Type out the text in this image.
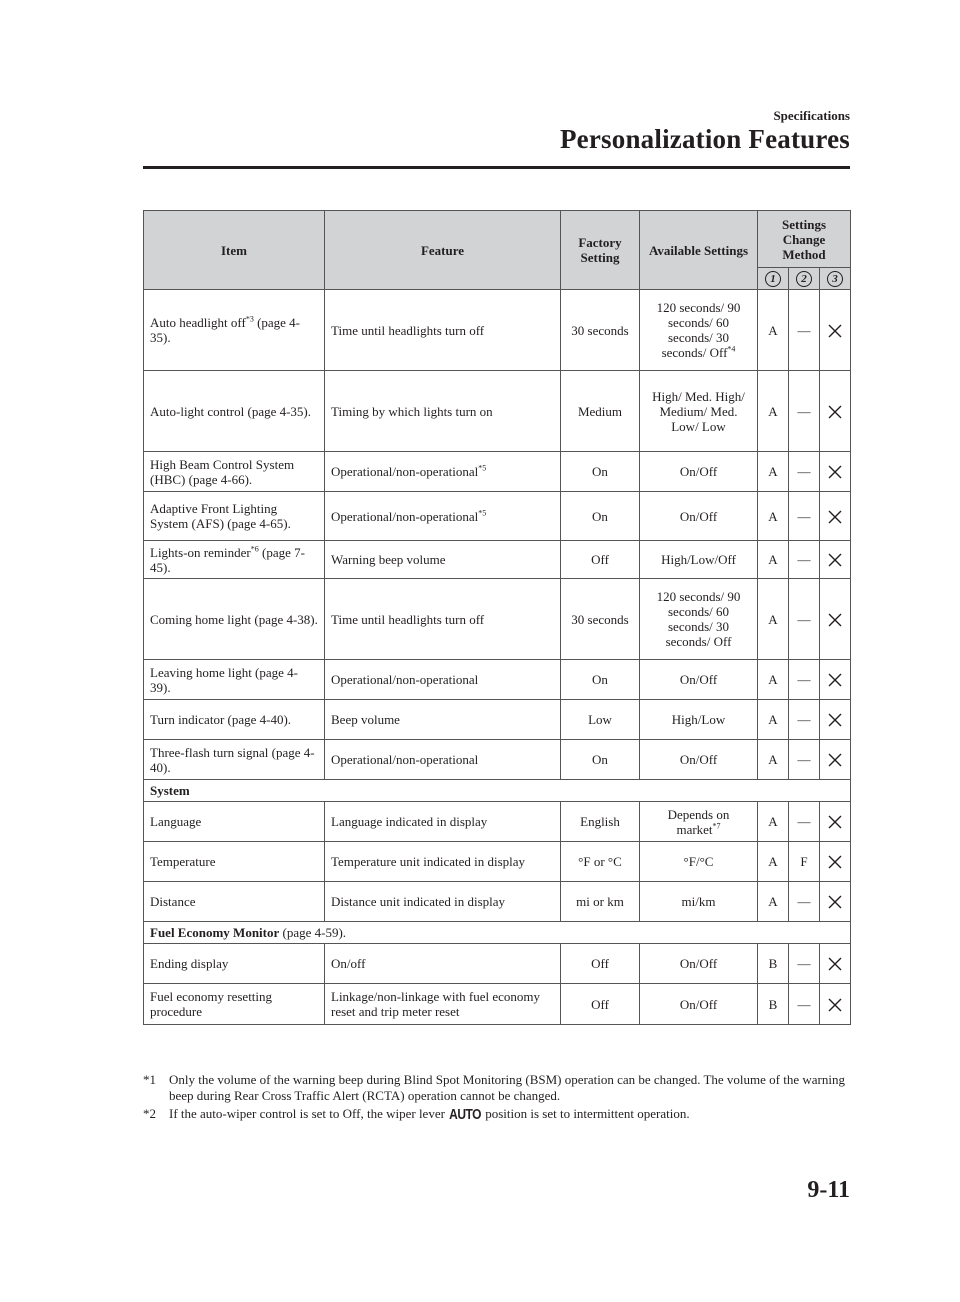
Specifications
Personalization Features
Item	Feature	Factory Setting	Available Settings	Settings Change Method		
				1	2	3
Auto headlight off$^{*3}$ (page 4-35).	Time until headlights turn off	30 seconds	120 seconds/ 90 seconds/ 60 seconds/ 30 seconds/ Off$^{*4}$	A	—	
Auto-light control (page 4-35).	Timing by which lights turn on	Medium	High/ Med. High/ Medium/ Med. Low/ Low	A	—	
High Beam Control System (HBC) (page 4-66).	Operational/non-operational$^{*5}$	On	On/Off	A	—	
Adaptive Front Lighting System (AFS) (page 4-65).	Operational/non-operational$^{*5}$	On	On/Off	A	—	
Lights-on reminder$^{*6}$ (page 7-45).	Warning beep volume	Off	High/Low/Off	A	—	
Coming home light (page 4-38).	Time until headlights turn off	30 seconds	120 seconds/ 90 seconds/ 60 seconds/ 30 seconds/ Off	A	—	
Leaving home light (page 4-39).	Operational/non-operational	On	On/Off	A	—	
Turn indicator (page 4-40).	Beep volume	Low	High/Low	A	—	
Three-flash turn signal (page 4-40).	Operational/non-operational	On	On/Off	A	—	
System						
Language	Language indicated in display	English	Depends on market$^{*7}$	A	—	
Temperature	Temperature unit indicated in display	°F or °C	°F/°C	A	F	
Distance	Distance unit indicated in display	mi or km	mi/km	A	—	
Fuel Economy Monitor (page 4-59).						
Ending display	On/off	Off	On/Off	B	—	
Fuel economy resetting procedure	Linkage/non-linkage with fuel economy reset and trip meter reset	Off	On/Off	B	—	
*1 Only the volume of the warning beep during Blind Spot Monitoring (BSM) operation can be changed. The volume of the warning beep during Rear Cross Traffic Alert (RCTA) operation cannot be changed.
*2 If the auto-wiper control is set to Off, the wiper lever AUTO position is set to intermittent operation.
9-11
